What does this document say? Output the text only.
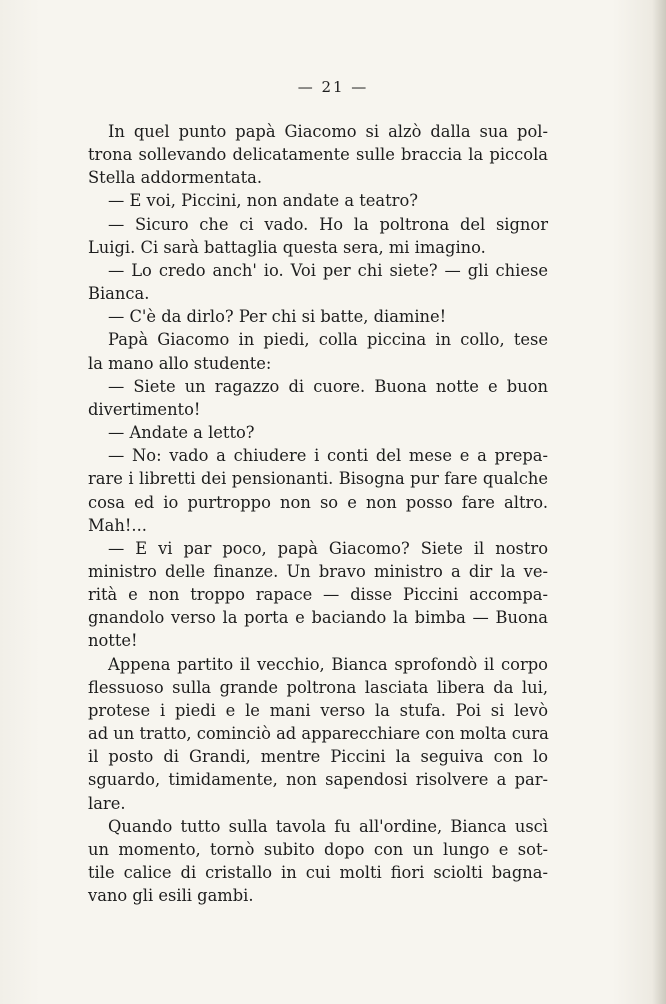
— 21 —
In quel punto papà Giacomo si alzò dalla sua pol-
trona sollevando delicatamente sulle braccia la piccola
Stella addormentata.
— E voi, Piccini, non andate a teatro?
— Sicuro che ci vado. Ho la poltrona del signor
Luigi. Ci sarà battaglia questa sera, mi imagino.
— Lo credo anch' io. Voi per chi siete? — gli chiese
Bianca.
— C'è da dirlo? Per chi si batte, diamine!
Papà Giacomo in piedi, colla piccina in collo, tese
la mano allo studente:
— Siete un ragazzo di cuore. Buona notte e buon
divertimento!
— Andate a letto?
— No: vado a chiudere i conti del mese e a prepa-
rare i libretti dei pensionanti. Bisogna pur fare qualche
cosa ed io purtroppo non so e non posso fare altro.
Mah!...
— E vi par poco, papà Giacomo? Siete il nostro
ministro delle finanze. Un bravo ministro a dir la ve-
rità e non troppo rapace — disse Piccini accompa-
gnandolo verso la porta e baciando la bimba — Buona
notte!
Appena partito il vecchio, Bianca sprofondò il corpo
flessuoso sulla grande poltrona lasciata libera da lui,
protese i piedi e le mani verso la stufa. Poi si levò
ad un tratto, cominciò ad apparecchiare con molta cura
il posto di Grandi, mentre Piccini la seguiva con lo
sguardo, timidamente, non sapendosi risolvere a par-
lare.
Quando tutto sulla tavola fu all'ordine, Bianca uscì
un momento, tornò subito dopo con un lungo e sot-
tile calice di cristallo in cui molti fiori sciolti bagna-
vano gli esili gambi.
